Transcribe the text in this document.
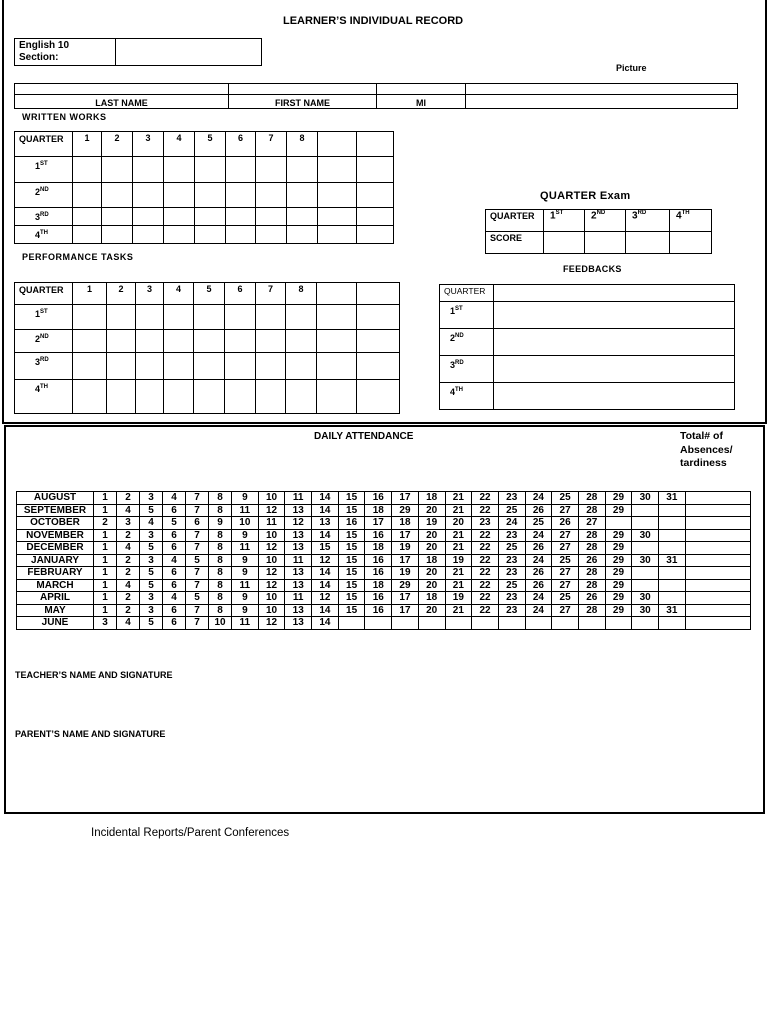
LEARNER’S INDIVIDUAL RECORD
English 10
Section:

Picture

LAST NAME	FIRST NAME	MI	
WRITTEN WORKS
QUARTER	1	2	3	4	5	6	7	8		
1ST										
2ND										
3RD										
4TH										
QUARTER Exam
QUARTER	1ST	2ND	3RD	4TH
SCORE				
PERFORMANCE TASKS
QUARTER	1	2	3	4	5	6	7	8		
1ST										
2ND										
3RD										
4TH										
FEEDBACKS
QUARTER	
1ST	
2ND	
3RD	
4TH	
DAILY ATTENDANCE	Total# of Absences/ tardiness
AUGUST	1	2	3	4	7	8	9	10	11	14	15	16	17	18	21	22	23	24	25	28	29	30	31	
SEPTEMBER	1	4	5	6	7	8	11	12	13	14	15	18	29	20	21	22	25	26	27	28	29			
OCTOBER	2	3	4	5	6	9	10	11	12	13	16	17	18	19	20	23	24	25	26	27				
NOVEMBER	1	2	3	6	7	8	9	10	13	14	15	16	17	20	21	22	23	24	27	28	29	30		
DECEMBER	1	4	5	6	7	8	11	12	13	15	15	18	19	20	21	22	25	26	27	28	29			
JANUARY	1	2	3	4	5	8	9	10	11	12	15	16	17	18	19	22	23	24	25	26	29	30	31	
FEBRUARY	1	2	5	6	7	8	9	12	13	14	15	16	19	20	21	22	23	26	27	28	29			
MARCH	1	4	5	6	7	8	11	12	13	14	15	18	29	20	21	22	25	26	27	28	29			
APRIL	1	2	3	4	5	8	9	10	11	12	15	16	17	18	19	22	23	24	25	26	29	30		
MAY	1	2	3	6	7	8	9	10	13	14	15	16	17	20	21	22	23	24	27	28	29	30	31	
JUNE	3	4	5	6	7	10	11	12	13	14														
TEACHER’S NAME AND SIGNATURE
PARENT’S NAME AND SIGNATURE
Incidental Reports/Parent Conferences
